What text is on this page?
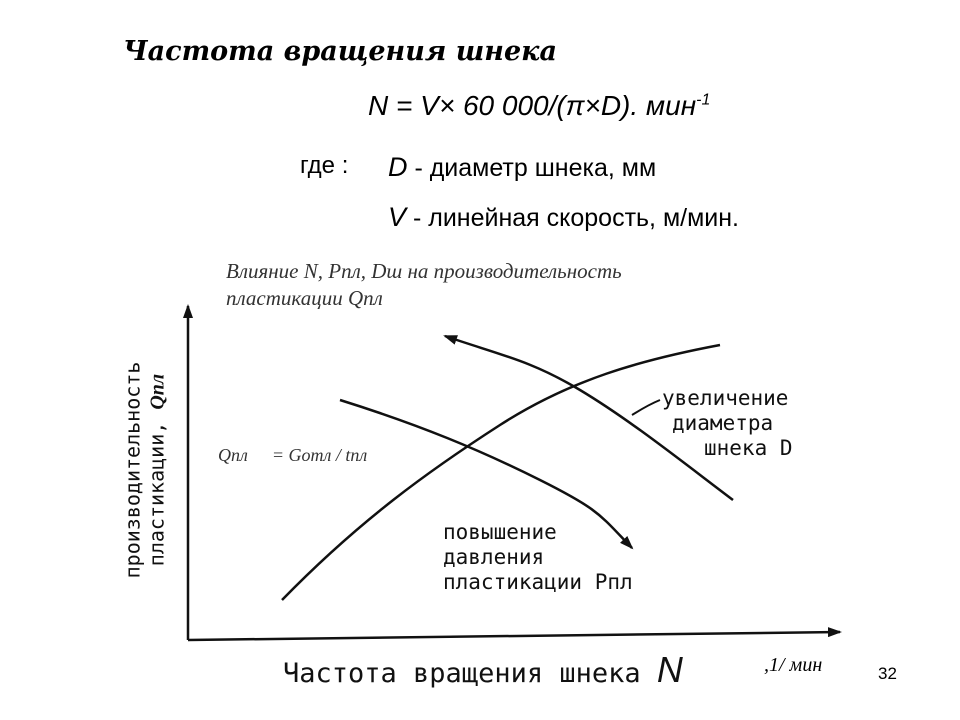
Частота вращения шнека
N = V× 60 000/(π×D). мин$^{-1}$
где : D - диаметр шнека, мм
V - линейная скорость, м/мин.
Влияние N, Рпл, Dш на производительность
пластикации Qпл
Qпл = Gотл / tпл
увеличение
диаметра
шнека D
повышение
давления
пластикации Рпл
производительность пластикации, Qпл
Частота вращения шнека N	,1/ мин	32
